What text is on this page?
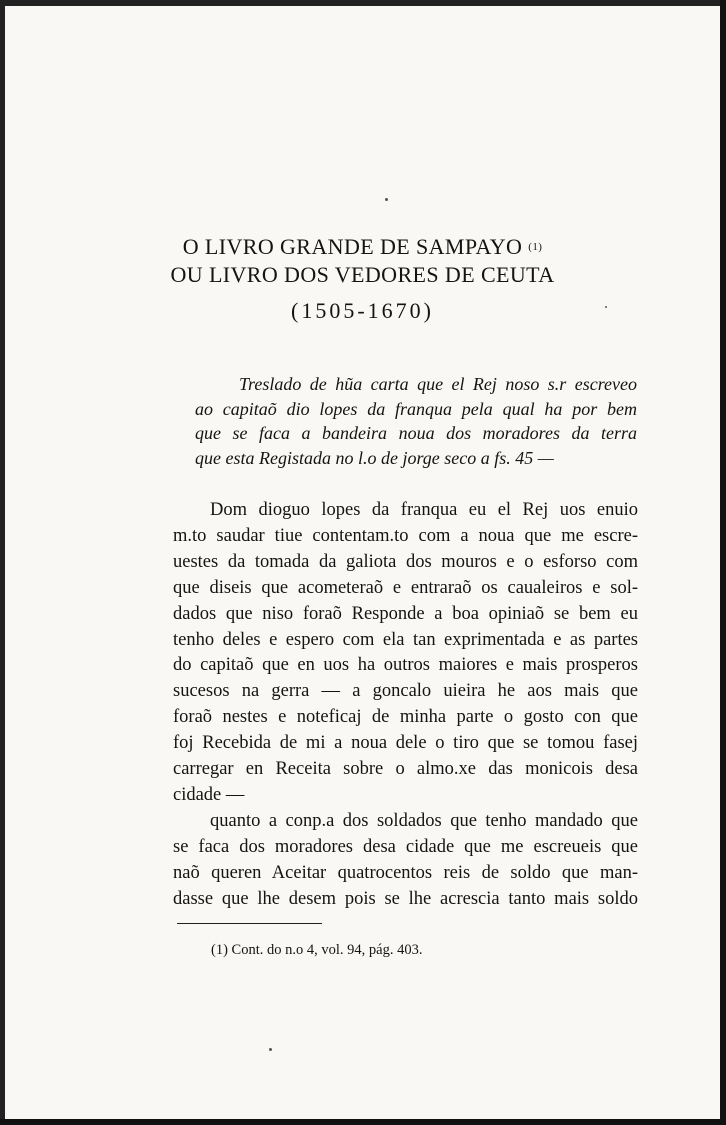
O LIVRO GRANDE DE SAMPAYO $^{(1)}$
OU LIVRO DOS VEDORES DE CEUTA
(1505-1670)
Treslado de hũa carta que el Rej noso s.r escreveo
ao capitaõ dio lopes da franqua pela qual ha por bem
que se faca a bandeira noua dos moradores da terra
que esta Registada no l.o de jorge seco a fs. 45 —
Dom dioguo lopes da franqua eu el Rej uos enuio
m.to saudar tiue contentam.to com a noua que me escre-
uestes da tomada da galiota dos mouros e o esforso com
que diseis que acometeraõ e entraraõ os caualeiros e sol-
dados que niso foraõ Responde a boa opiniaõ se bem eu
tenho deles e espero com ela tan exprimentada e as partes
do capitaõ que en uos ha outros maiores e mais prosperos
sucesos na gerra — a goncalo uieira he aos mais que
foraõ nestes e noteficaj de minha parte o gosto con que
foj Recebida de mi a noua dele o tiro que se tomou fasej
carregar en Receita sobre o almo.xe das monicois desa
cidade —
quanto a conp.a dos soldados que tenho mandado que
se faca dos moradores desa cidade que me escreueis que
naõ queren Aceitar quatrocentos reis de soldo que man-
dasse que lhe desem pois se lhe acrescia tanto mais soldo
(1) Cont. do n.o 4, vol. 94, pág. 403.
